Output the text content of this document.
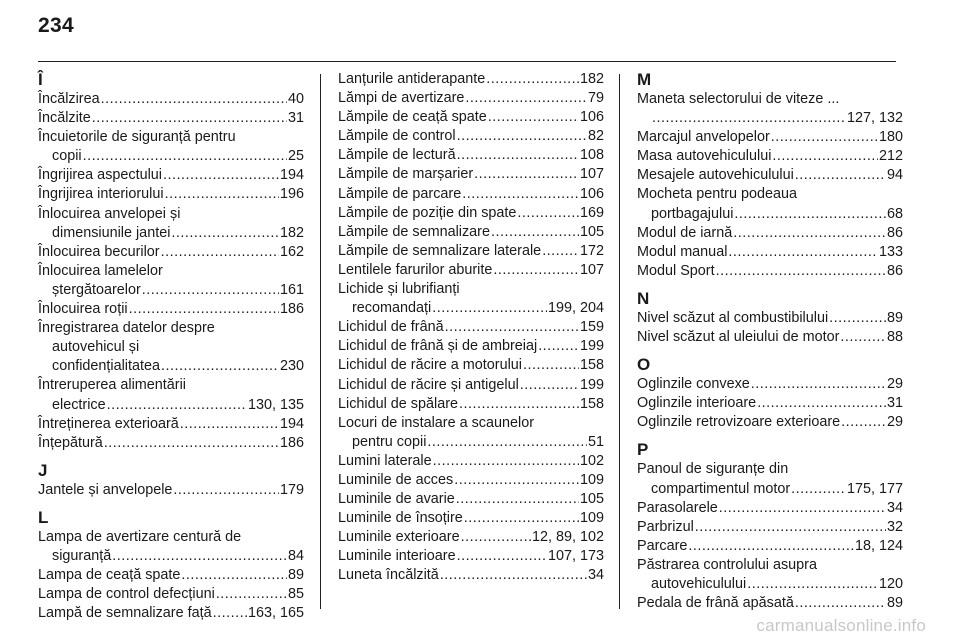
234
Î
Încălzirea .....	40
Încălzite .....	31
Încuietorile de siguranță pentru
copii .....	25
Îngrijirea aspectului .....	194
Îngrijirea interiorului .....	196
Înlocuirea anvelopei și
dimensiunile jantei .....	182
Înlocuirea becurilor .....	162
Înlocuirea lamelelor
ștergătoarelor .....	161
Înlocuirea roții .....	186
Înregistrarea datelor despre
autovehicul și
confidențialitatea .....	230
Întreruperea alimentării
electrice .....	130, 135
Întreținerea exterioară .....	194
Înțepătură .....	186
J
Jantele și anvelopele .....	179
L
Lampa de avertizare centură de
siguranță .....	84
Lampa de ceață spate .....	89
Lampa de control defecțiuni .....	85
Lampă de semnalizare față .....	163, 165
Lanțurile antiderapante .....	182
Lămpi de avertizare .....	79
Lămpile de ceață spate .....	106
Lămpile de control .....	82
Lămpile de lectură .....	108
Lămpile de marșarier .....	107
Lămpile de parcare .....	106
Lămpile de poziție din spate .....	169
Lămpile de semnalizare .....	105
Lămpile de semnalizare laterale .....	172
Lentilele farurilor aburite .....	107
Lichide și lubrifianți
recomandați .....	199, 204
Lichidul de frână .....	159
Lichidul de frână și de ambreiaj .....	199
Lichidul de răcire a motorului .....	158
Lichidul de răcire și antigelul .....	199
Lichidul de spălare .....	158
Locuri de instalare a scaunelor
pentru copii .....	51
Lumini laterale .....	102
Luminile de acces .....	109
Luminile de avarie .....	105
Luminile de însoțire .....	109
Luminile exterioare .....	12, 89, 102
Luminile interioare .....	107, 173
Luneta încălzită .....	34
M
Maneta selectorului de viteze ...
.....
127, 132
Marcajul anvelopelor .....	180
Masa autovehiculului .....	212
Mesajele autovehiculului .....	94
Mocheta pentru podeaua
portbagajului .....	68
Modul de iarnă .....	86
Modul manual .....	133
Modul Sport .....	86
N
Nivel scăzut al combustibilului .....	89
Nivel scăzut al uleiului de motor .....	88
O
Oglinzile convexe .....	29
Oglinzile interioare .....	31
Oglinzile retrovizoare exterioare .....	29
P
Panoul de siguranțe din
compartimentul motor .....	175, 177
Parasolarele .....	34
Parbrizul .....	32
Parcare .....	18, 124
Păstrarea controlului asupra
autovehiculului .....	120
Pedala de frână apăsată .....	89
carmanualsonline.info
